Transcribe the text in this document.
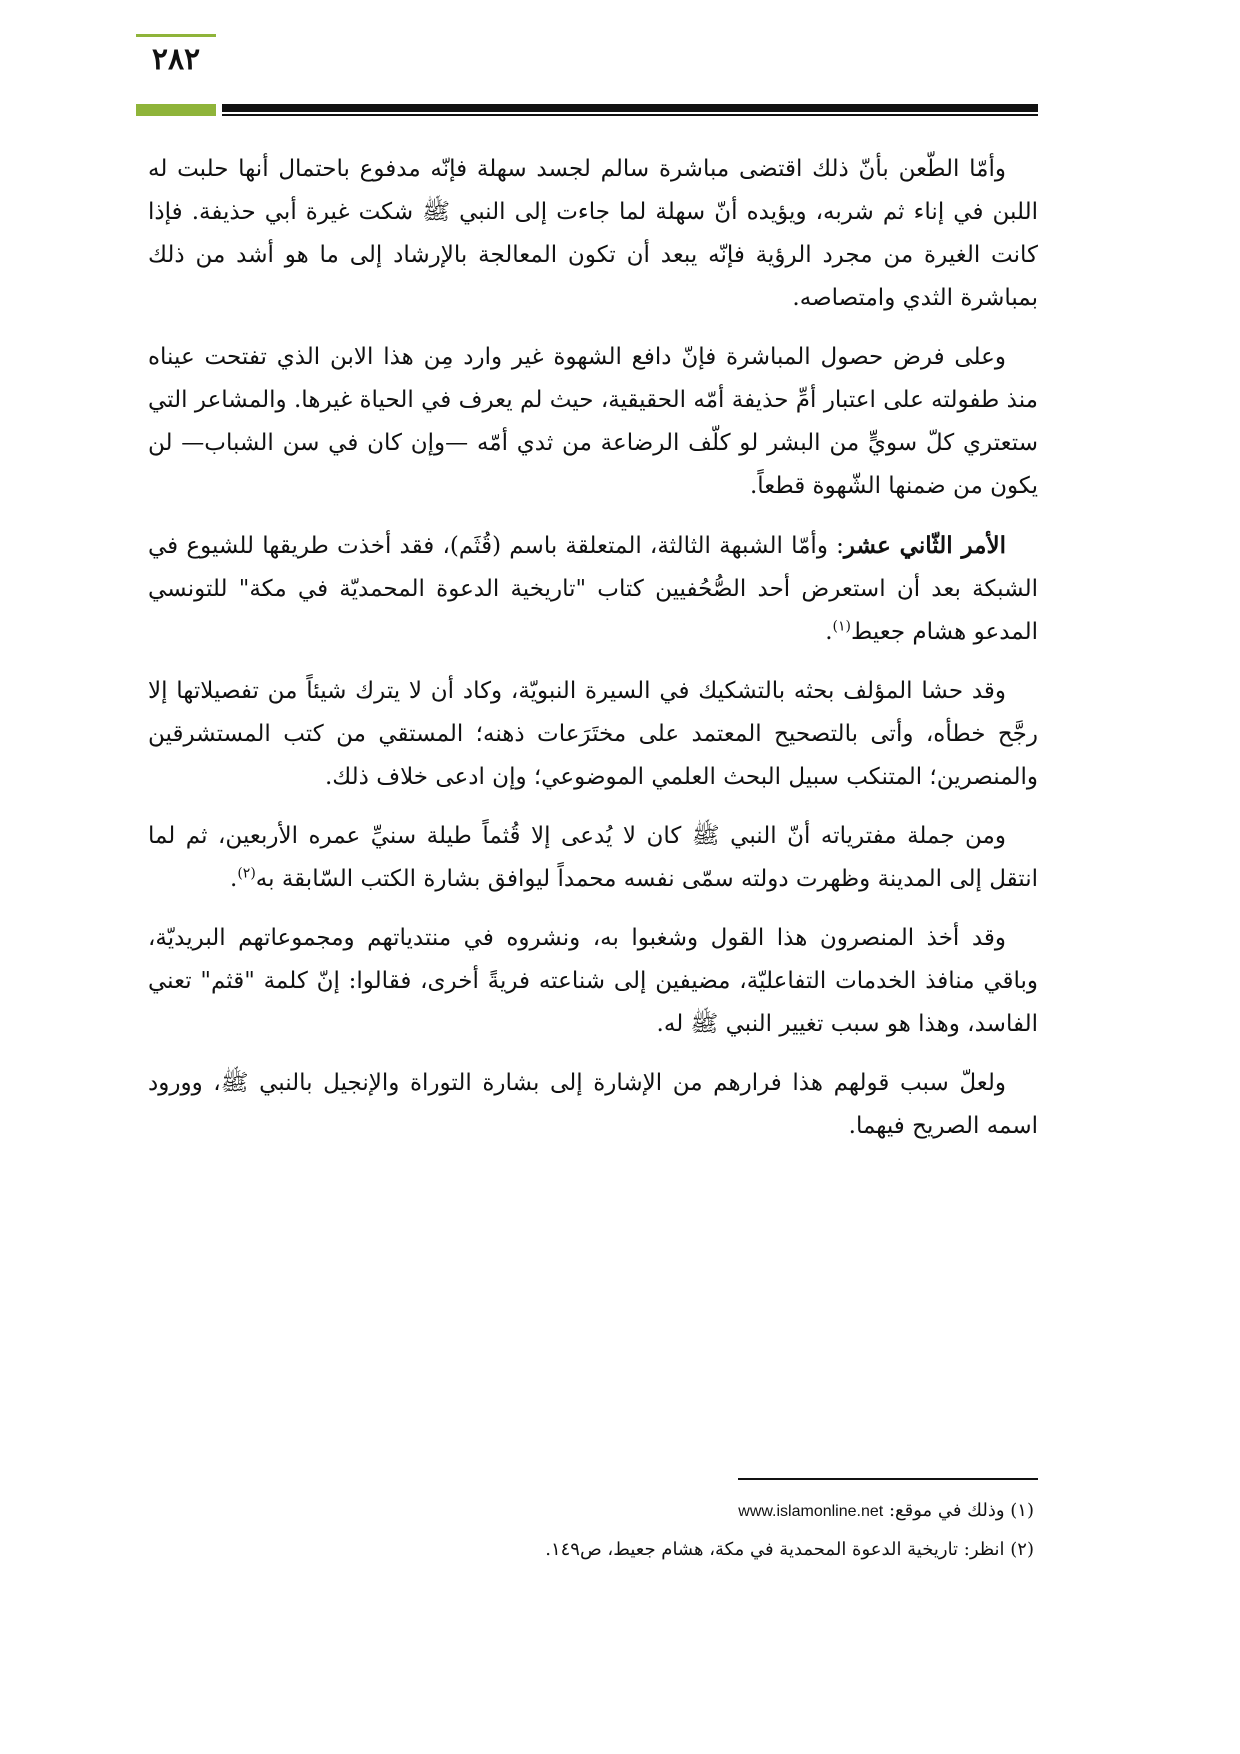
٢٨٢

وأمّا الطّعن بأنّ ذلك اقتضى مباشرة سالم لجسد سهلة فإنّه مدفوع باحتمال أنها حلبت له اللبن في إناء ثم شربه، ويؤيده أنّ سهلة لما جاءت إلى النبي ﷺ شكت غيرة أبي حذيفة. فإذا كانت الغيرة من مجرد الرؤية فإنّه يبعد أن تكون المعالجة بالإرشاد إلى ما هو أشد من ذلك بمباشرة الثدي وامتصاصه.

وعلى فرض حصول المباشرة فإنّ دافع الشهوة غير وارد مِن هذا الابن الذي تفتحت عيناه منذ طفولته على اعتبار أمِّ حذيفة أمّه الحقيقية، حيث لم يعرف في الحياة غيرها. والمشاعر التي ستعتري كلّ سويٍّ من البشر لو كلّف الرضاعة من ثدي أمّه —وإن كان في سن الشباب— لن يكون من ضمنها الشّهوة قطعاً.

الأمر الثّاني عشر: وأمّا الشبهة الثالثة، المتعلقة باسم (قُثَم)، فقد أخذت طريقها للشيوع في الشبكة بعد أن استعرض أحد الصُّحُفيين كتاب "تاريخية الدعوة المحمديّة في مكة" للتونسي المدعو هشام جعيط$^{(١)}$.

وقد حشا المؤلف بحثه بالتشكيك في السيرة النبويّة، وكاد أن لا يترك شيئاً من تفصيلاتها إلا رجَّح خطأه، وأتى بالتصحيح المعتمد على مختَرَعات ذهنه؛ المستقي من كتب المستشرقين والمنصرين؛ المتنكب سبيل البحث العلمي الموضوعي؛ وإن ادعى خلاف ذلك.

ومن جملة مفترياته أنّ النبي ﷺ كان لا يُدعى إلا قُثماً طيلة سنيِّ عمره الأربعين، ثم لما انتقل إلى المدينة وظهرت دولته سمّى نفسه محمداً ليوافق بشارة الكتب السّابقة به$^{(٢)}$.

وقد أخذ المنصرون هذا القول وشغبوا به، ونشروه في منتدياتهم ومجموعاتهم البريديّة، وباقي منافذ الخدمات التفاعليّة، مضيفين إلى شناعته فريةً أخرى، فقالوا: إنّ كلمة "قثم" تعني الفاسد، وهذا هو سبب تغيير النبي ﷺ له.

ولعلّ سبب قولهم هذا فرارهم من الإشارة إلى بشارة التوراة والإنجيل بالنبي ﷺ، وورود اسمه الصريح فيهما.

(١) وذلك في موقع: www.islamonline.net

(٢) انظر: تاريخية الدعوة المحمدية في مكة، هشام جعيط، ص١٤٩.
